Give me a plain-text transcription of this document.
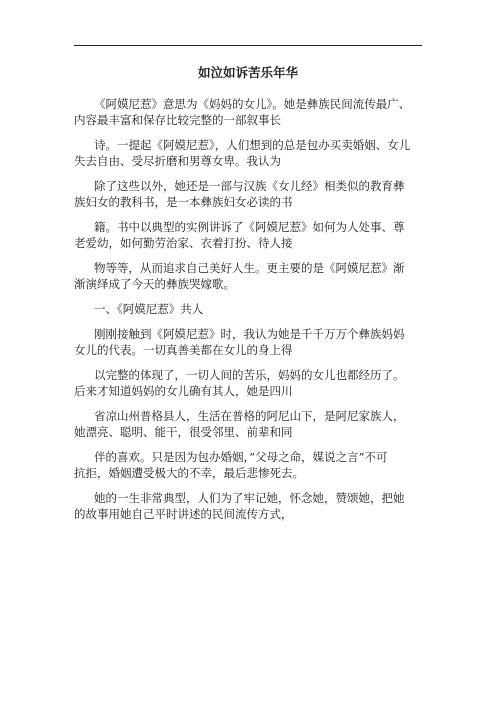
如泣如诉苦乐年华
《阿嫫尼惹》意思为《妈妈的女儿》。她是彝族民间流传最广、
内容最丰富和保存比较完整的一部叙事长
诗。一提起《阿嫫尼惹》，人们想到的总是包办买卖婚姻、女儿
失去自由、受尽折磨和男尊女卑。我认为
除了这些以外，她还是一部与汉族《女儿经》相类似的教育彝
族妇女的教科书，是一本彝族妇女必读的书
籍。书中以典型的实例讲诉了《阿嫫尼惹》如何为人处事、尊
老爱幼，如何勤劳治家、衣着打扮、待人接
物等等，从而追求自己美好人生。更主要的是《阿嫫尼惹》渐
渐演绎成了今天的彝族哭嫁歌。
一、《阿嫫尼惹》共人
刚刚接触到《阿嫫尼惹》时，我认为她是千千万万个彝族妈妈
女儿的代表。一切真善美都在女儿的身上得
以完整的体现了，一切人间的苦乐，妈妈的女儿也都经历了。
后来才知道妈妈的女儿确有其人，她是四川
省凉山州普格县人，生活在普格的阿尼山下，是阿尼家族人，
她漂亮、聪明、能干，很受邻里、前辈和同
伴的喜欢。只是因为包办婚姻，”父母之命，媒说之言”不可
抗拒，婚姻遭受极大的不幸，最后悲惨死去。
她的一生非常典型，人们为了牢记她，怀念她，赞颂她，把她
的故事用她自己平时讲述的民间流传方式，
